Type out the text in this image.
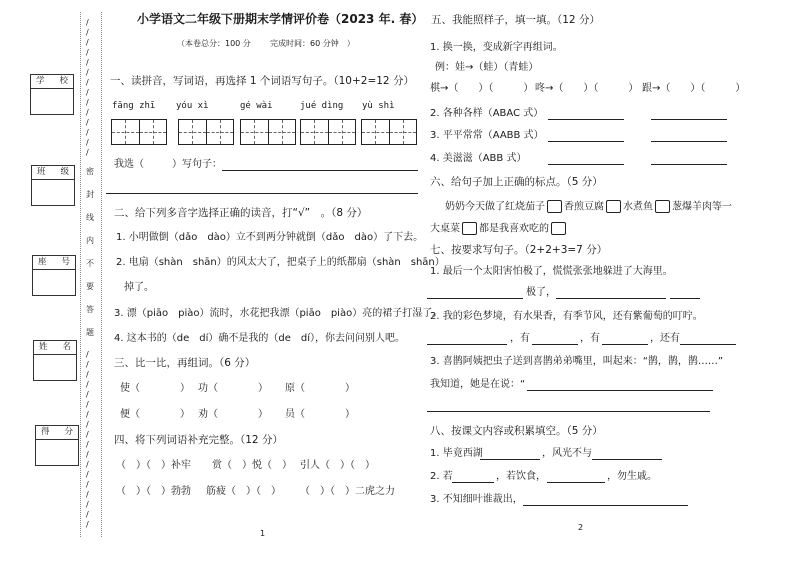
学 校
班 级
座 号
姓 名
得 分
/
/
/
/
/
/
/
/
/
/
/
/
/
/
密
封
线
内
不
要
答
题
/
/
/
/
/
/
/
/
/
/
/
/
/
/
/
/
/
/
小学语文二年级下册期末学情评价卷（2023 年. 春）
（本卷总分：100 分 完成时间：60 分钟　）
一、读拼音，写词语，再选择 1 个词语写句子。（10+2=12 分）
fāng zhī yóu xì	gé wài	jué dìng yù shì
我选（	）写句子：
二、给下列多音字选择正确的读音，打“√”　。（8 分）
1. 小明做倒（dǎo　dào）立不到两分钟就倒（dǎo　dào）了下去。
2. 电扇（shàn　shān）的风太大了，把桌子上的纸都扇（shàn　shān）
掉了。
3. 漂（piāo　piào）流时，水花把我漂（piāo　piào）亮的裙子打湿了。
4. 这本书的（de　dí）确不是我的（de　dí），你去问问别人吧。
三、比一比，再组词。（6 分）
使（　　　　） 功（　　　　） 原（　　　　）
便（　　　　） 劝（　　　　） 员（　　　　）
四、将下列词语补充完整。（12 分）
（　）（　）补牢 赏（　）悦（　） 引人（　）（　）
（　）（　）勃勃 筋疲（　）（　） （　）（　）二虎之力
1
五、我能照样子，填一填。（12 分）
1. 换一换，变成新字再组词。
例：娃→（蛙）（青蛙）
棋→（　　）（　　　） 咚→（　　）（　　　） 跟→（　　）（　　　）
2. 各种各样（ABAC 式）
3. 平平常常（AABB 式）
4. 美滋滋（ABB 式）
六、给句子加上正确的标点。（5 分）
奶奶今天做了红烧茄子 香煎豆腐 水煮鱼 葱爆羊肉等一
大桌菜 都是我喜欢吃的
七、按要求写句子。（2+2+3=7 分）
1. 最后一个太阳害怕极了，慌慌张张地躲进了大海里。
极了，
2. 我的彩色梦境，有水果香，有季节风，还有紫葡萄的叮咛。
，有	，有	，还有
3. 喜鹊阿姨把虫子送到喜鹊弟弟嘴里，叫起来：“鹊，鹊，鹊……”
我知道，她是在说：“
八、按课文内容或积累填空。（5 分）
1. 毕竟西湖	，风光不与
2. 若	，若饮食，	，勿生戚。
3. 不知细叶谁裁出，
2
